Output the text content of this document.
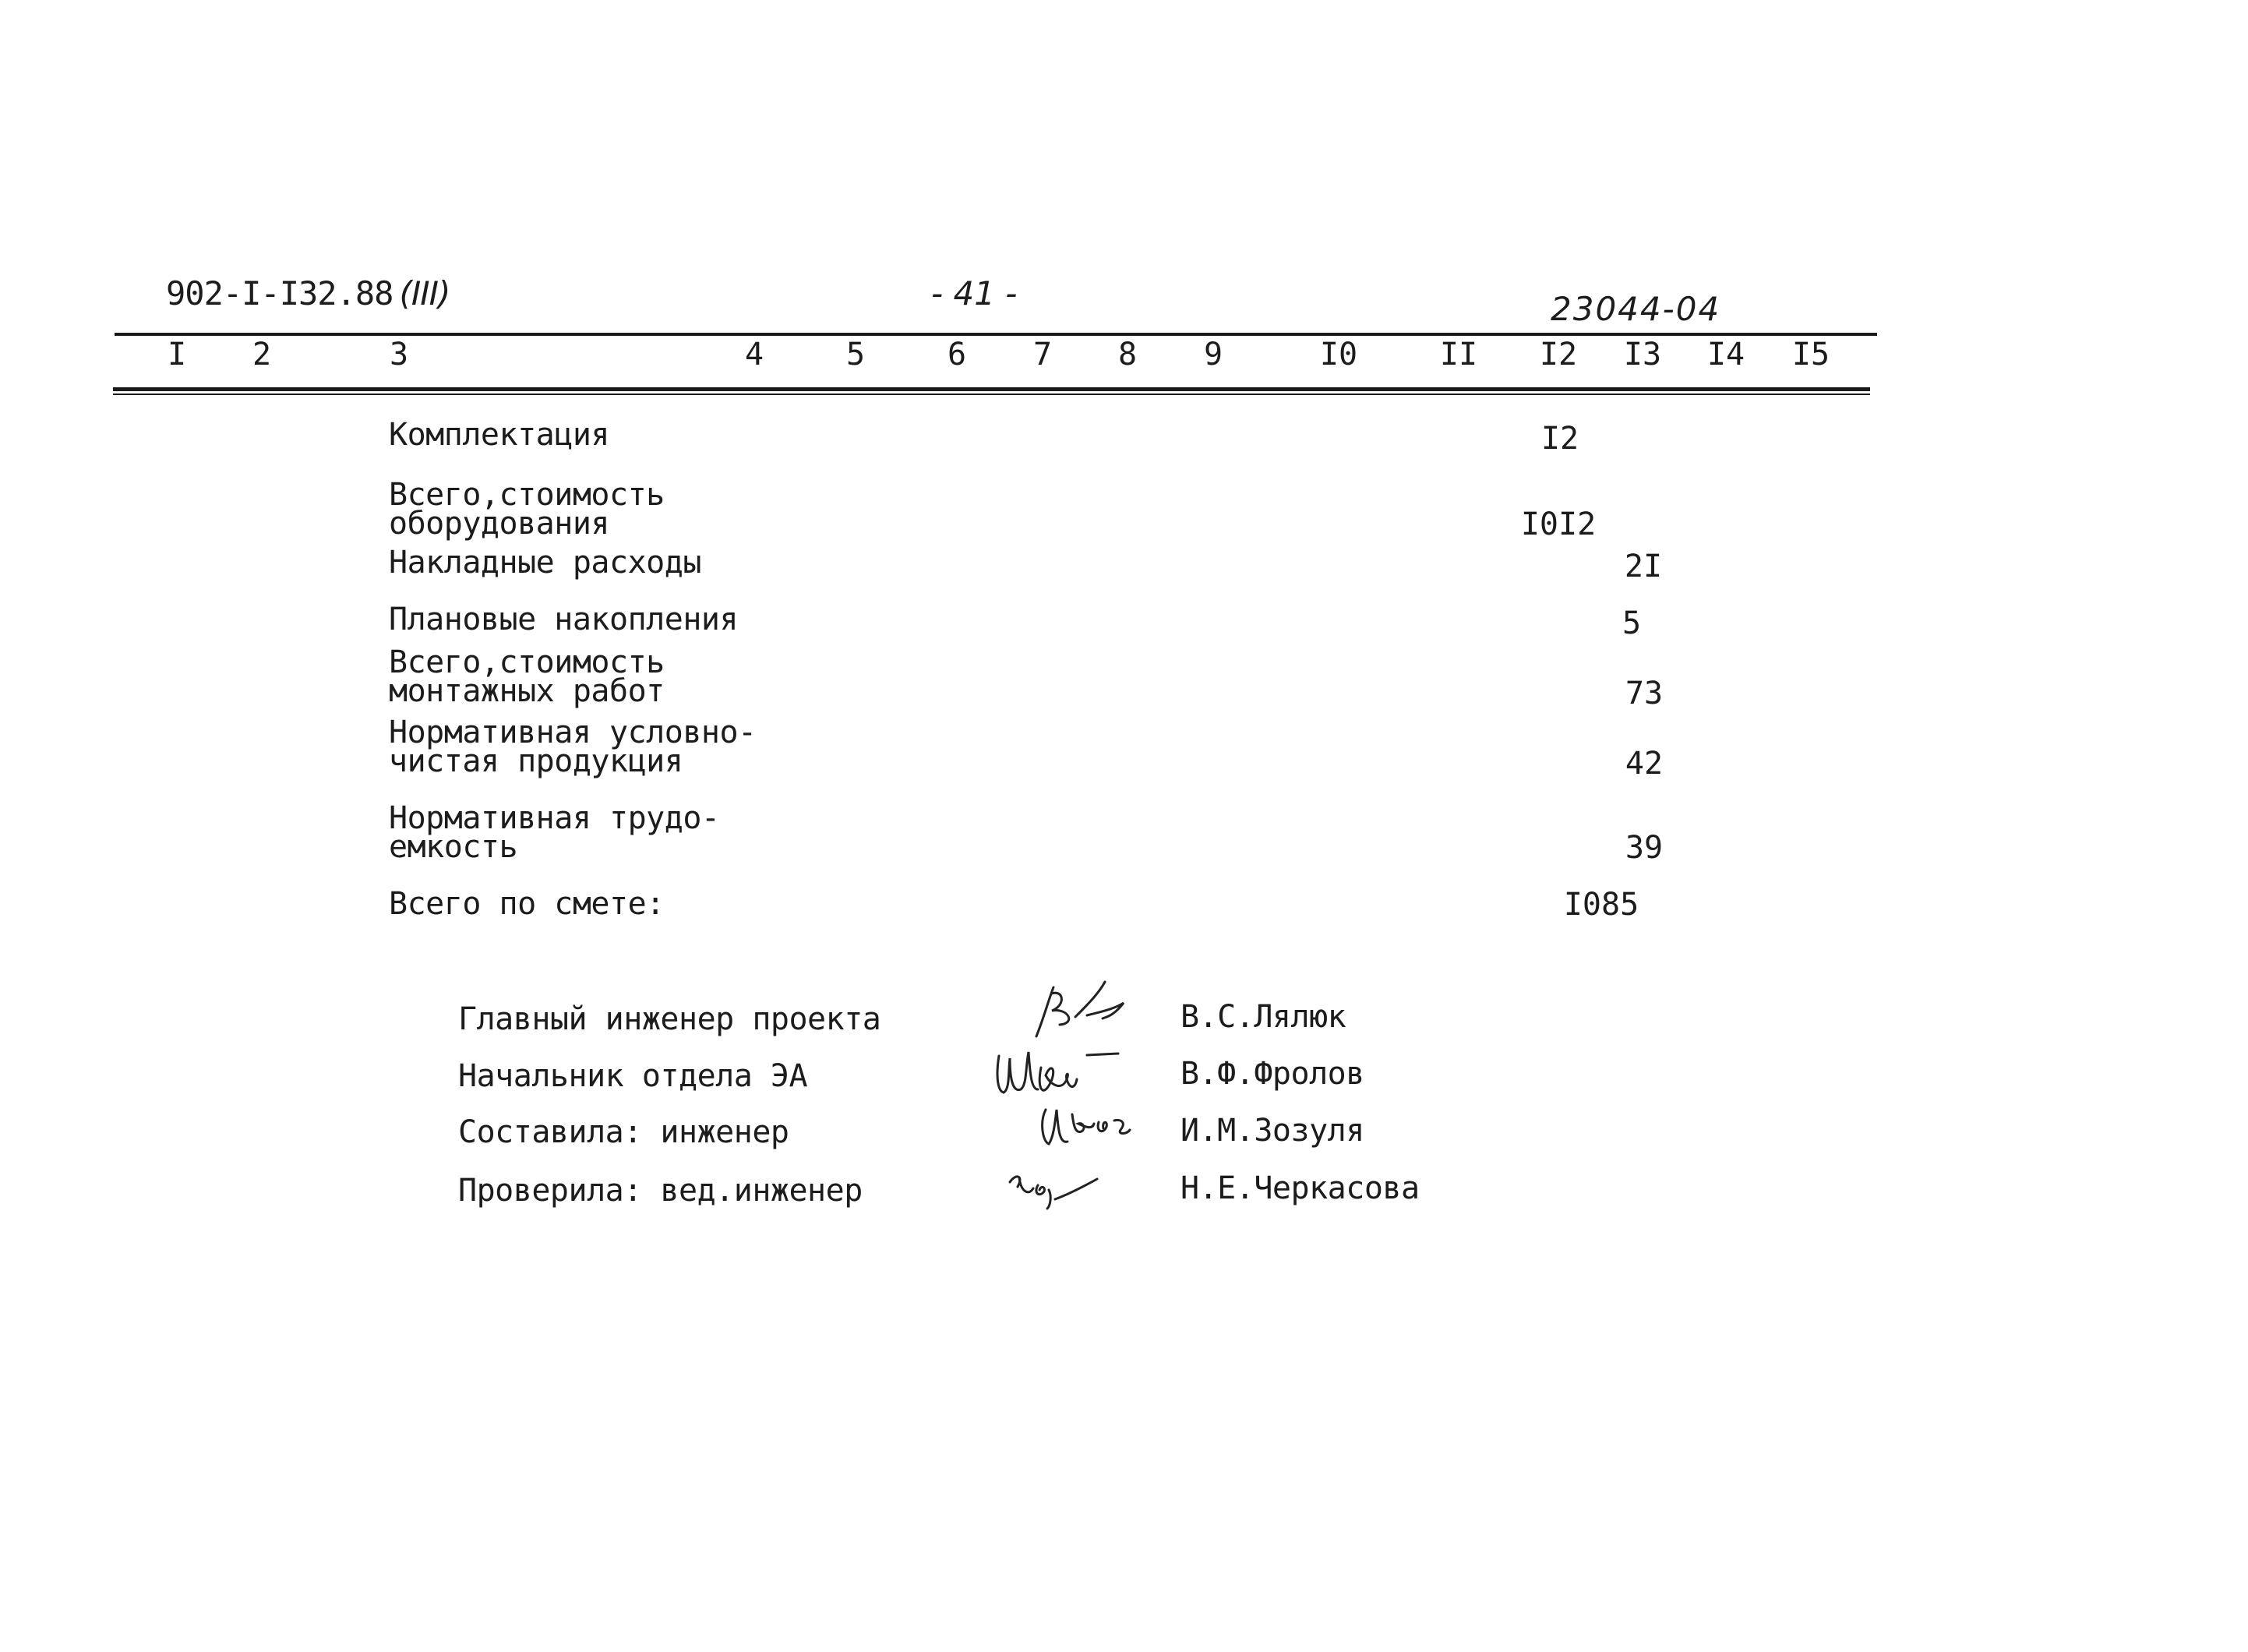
902-I-I32.88 (III)	- 41 -	23044-04
I 2	3	4	5	6 7 8 9	I0	II I2 I3 I4 I5
Комплектация	I2
Всего,стоимость
оборудования	I0I2
Накладные расходы	2I
Плановые накопления	5
Всего,стоимость
монтажных работ	73
Нормативная условно-
чистая продукция	42
Нормативная трудо-
емкость	39
Всего по смете:	I085
Главный инженер проекта	В.С.Лялюк
Начальник отдела ЭА	В.Ф.Фролов
Составила: инженер	И.М.Зозуля
Проверила: вед.инженер	Н.Е.Черкасова
